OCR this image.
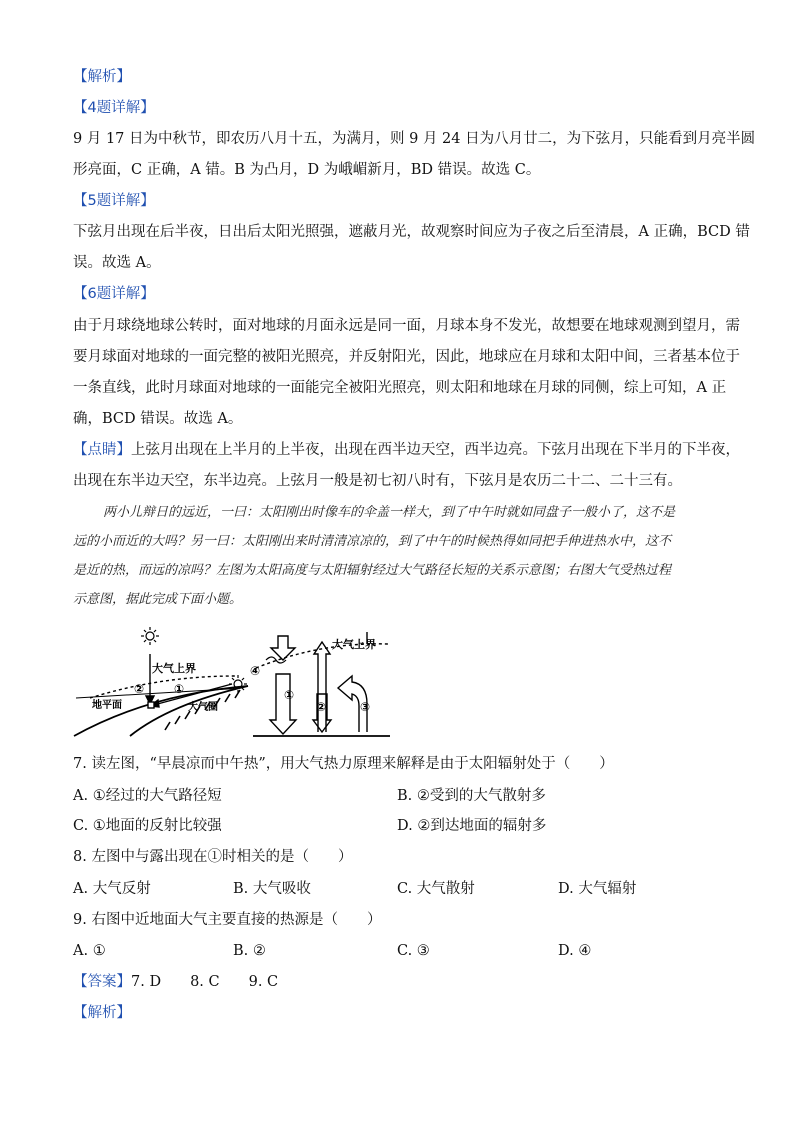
【解析】
【4题详解】
9 月 17 日为中秋节，即农历八月十五，为满月，则 9 月 24 日为八月廿二，为下弦月，只能看到月亮半圆
形亮面，C 正确，A 错。B 为凸月，D 为峨嵋新月，BD 错误。故选 C。
【5题详解】
下弦月出现在后半夜，日出后太阳光照强，遮蔽月光，故观察时间应为子夜之后至清晨，A 正确，BCD 错
误。故选 A。
【6题详解】
由于月球绕地球公转时，面对地球的月面永远是同一面，月球本身不发光，故想要在地球观测到望月，需
要月球面对地球的一面完整的被阳光照亮，并反射阳光，因此，地球应在月球和太阳中间，三者基本位于
一条直线，此时月球面对地球的一面能完全被阳光照亮，则太阳和地球在月球的同侧，综上可知，A 正
确，BCD 错误。故选 A。
【点睛】上弦月出现在上半月的上半夜，出现在西半边天空，西半边亮。下弦月出现在下半月的下半夜，
出现在东半边天空，东半边亮。上弦月一般是初七初八时有，下弦月是农历二十二、二十三有。
两小儿辩日的远近，一曰：太阳刚出时像车的伞盖一样大，到了中午时就如同盘子一般小了，这不是
远的小而近的大吗？另一曰：太阳刚出来时清清凉凉的，到了中午的时候热得如同把手伸进热水中，这不
是近的热，而远的凉吗？左图为太阳高度与太阳辐射经过大气路径长短的关系示意图；右图大气受热过程
示意图，据此完成下面小题。
大气上界
地平面	大气圈
② ①
大气上界
④
①
②	③
7. 读左图，“早晨凉而中午热”，用大气热力原理来解释是由于太阳辐射处于（　　）
A. ①经过的大气路径短	B. ②受到的大气散射多
C. ①地面的反射比较强	D. ②到达地面的辐射多
8. 左图中与露出现在①时相关的是（　　）
A. 大气反射	B. 大气吸收	C. 大气散射	D. 大气辐射
9. 右图中近地面大气主要直接的热源是（　　）
A. ①	B. ②	C. ③	D. ④
【答案】7. D　　8. C　　9. C
【解析】
